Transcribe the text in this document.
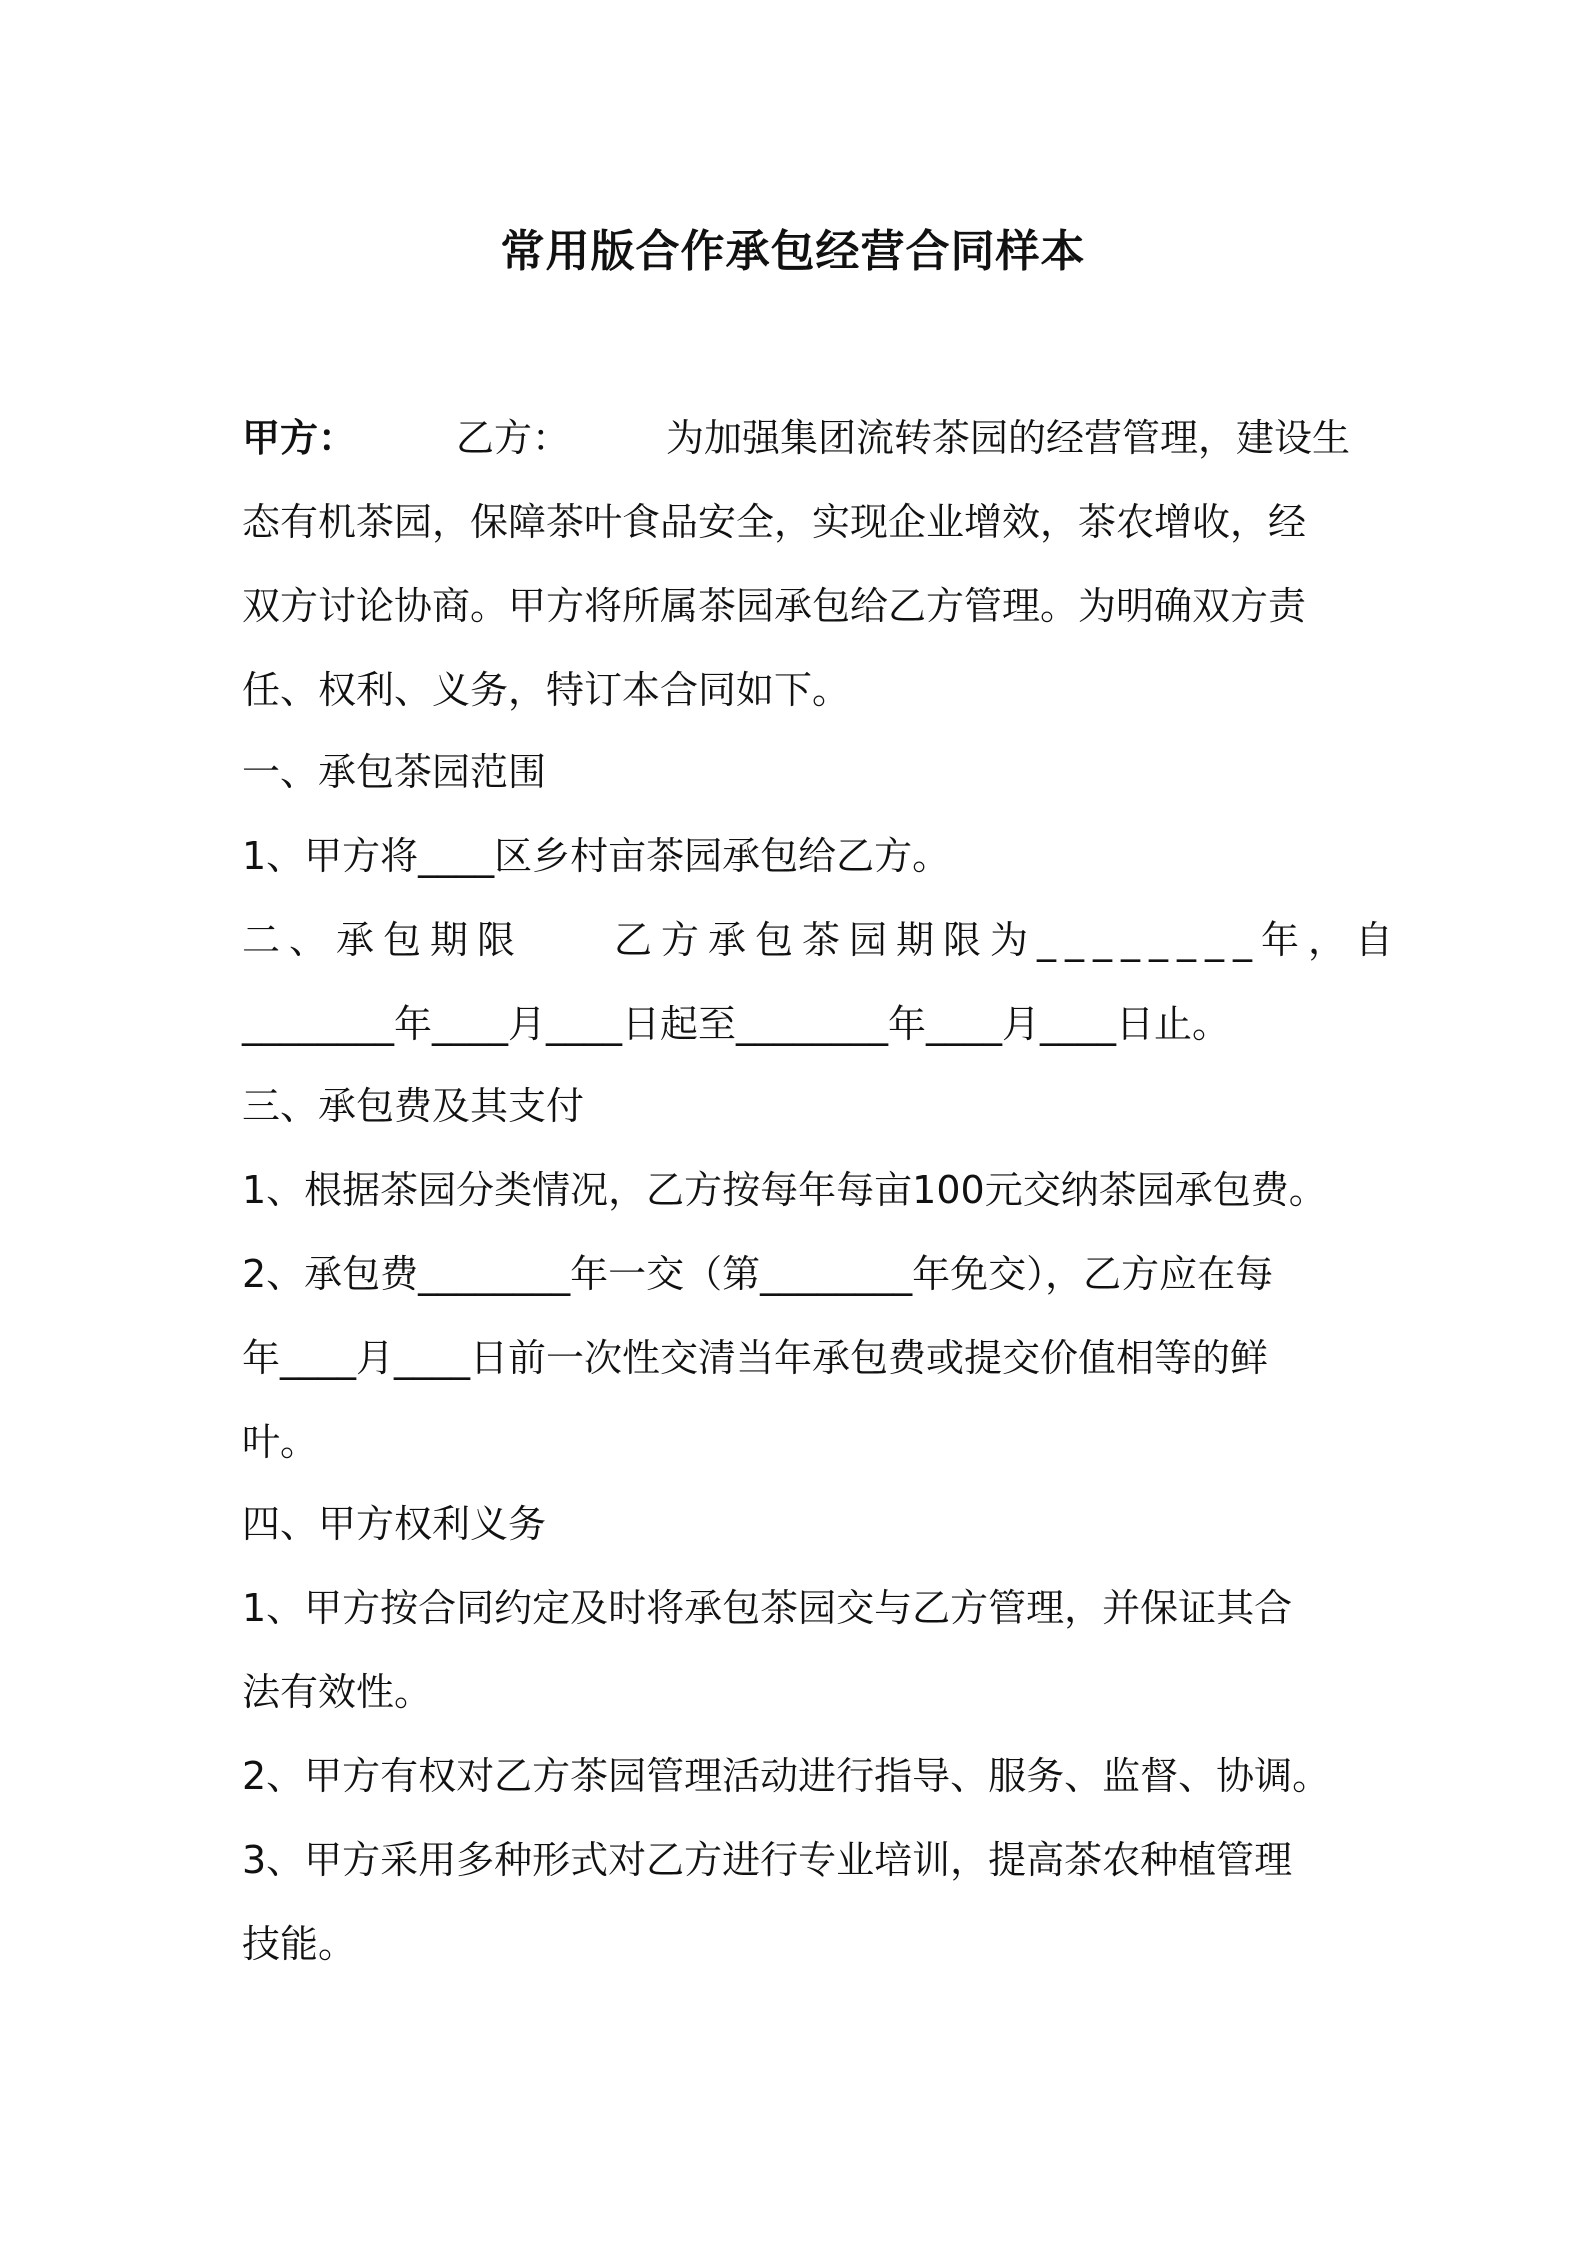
常用版合作承包经营合同样本
甲方：	乙方：	为加强集团流转茶园的经营管理，建设生
态有机茶园，保障茶叶食品安全，实现企业增效，茶农增收，经
双方讨论协商。甲方将所属茶园承包给乙方管理。为明确双方责
任、权利、义务，特订本合同如下。
一、承包茶园范围
1、甲方将____区乡村亩茶园承包给乙方。
二、承包期限 乙方承包茶园期限为________年，自
________年____月____日起至________年____月____日止。
三、承包费及其支付
1、根据茶园分类情况，乙方按每年每亩100元交纳茶园承包费。
2、承包费________年一交（第________年免交），乙方应在每
年____月____日前一次性交清当年承包费或提交价值相等的鲜
叶。
四、甲方权利义务
1、甲方按合同约定及时将承包茶园交与乙方管理，并保证其合
法有效性。
2、甲方有权对乙方茶园管理活动进行指导、服务、监督、协调。
3、甲方采用多种形式对乙方进行专业培训，提高茶农种植管理
技能。
